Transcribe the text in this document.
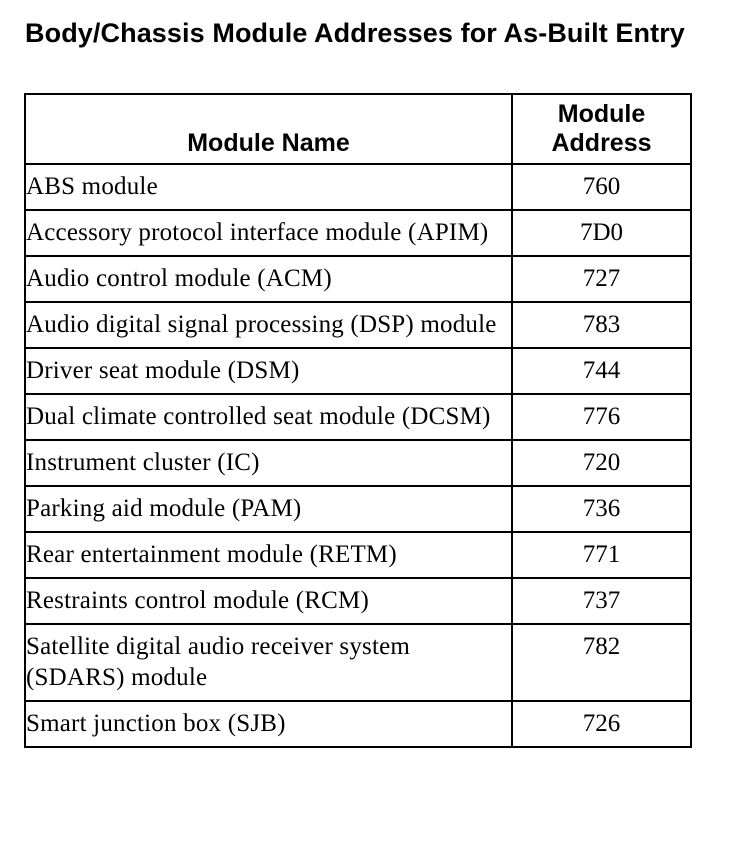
Body/Chassis Module Addresses for As-Built Entry
Module Name	Module Address
ABS module	760
Accessory protocol interface module (APIM)	7D0
Audio control module (ACM)	727
Audio digital signal processing (DSP) module	783
Driver seat module (DSM)	744
Dual climate controlled seat module (DCSM)	776
Instrument cluster (IC)	720
Parking aid module (PAM)	736
Rear entertainment module (RETM)	771
Restraints control module (RCM)	737
Satellite digital audio receiver system (SDARS) module	782
Smart junction box (SJB)	726
